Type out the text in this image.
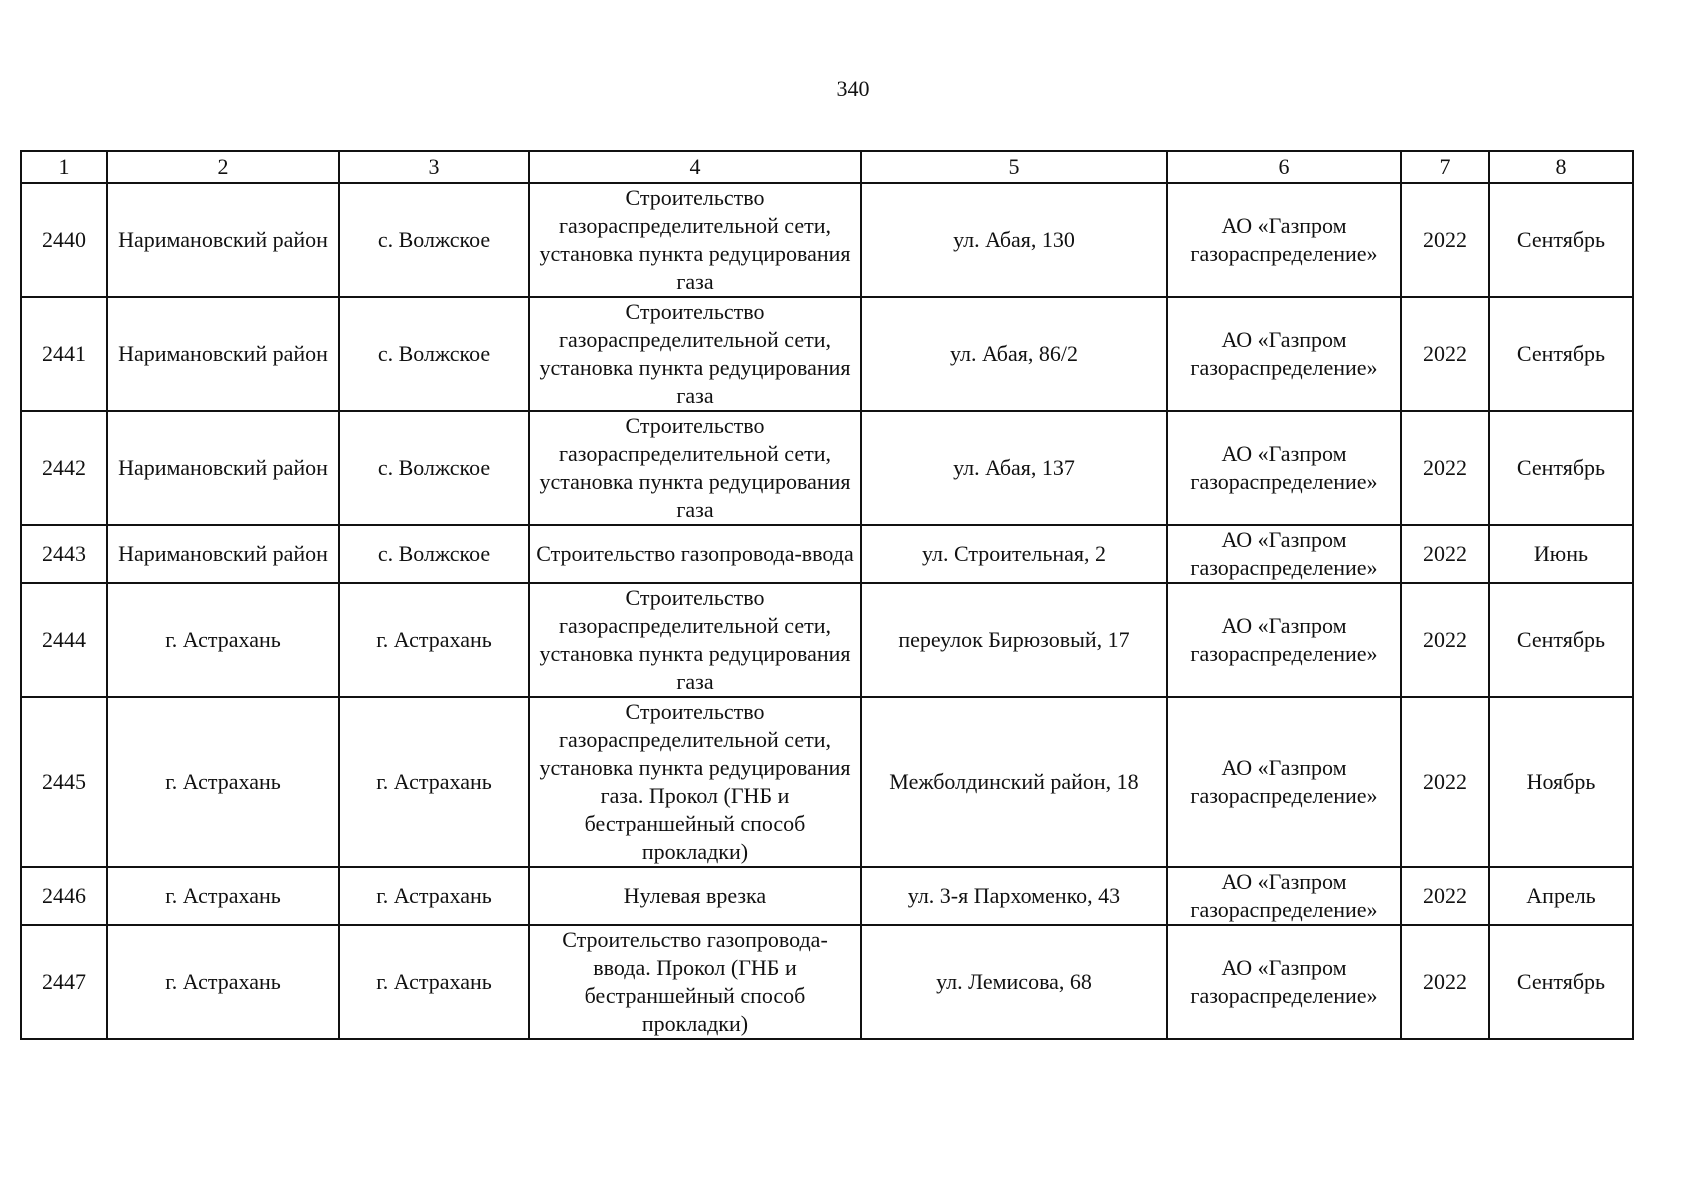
340
1	2	3	4	5	6	7	8
2440	Наримановский район	с. Волжское	Строительство газораспределительной сети, установка пункта редуцирования газа	ул. Абая, 130	АО «Газпром газораспределение»	2022	Сентябрь
2441	Наримановский район	с. Волжское	Строительство газораспределительной сети, установка пункта редуцирования газа	ул. Абая, 86/2	АО «Газпром газораспределение»	2022	Сентябрь
2442	Наримановский район	с. Волжское	Строительство газораспределительной сети, установка пункта редуцирования газа	ул. Абая, 137	АО «Газпром газораспределение»	2022	Сентябрь
2443	Наримановский район	с. Волжское	Строительство газопровода-ввода	ул. Строительная, 2	АО «Газпром газораспределение»	2022	Июнь
2444	г. Астрахань	г. Астрахань	Строительство газораспределительной сети, установка пункта редуцирования газа	переулок Бирюзовый, 17	АО «Газпром газораспределение»	2022	Сентябрь
2445	г. Астрахань	г. Астрахань	Строительство газораспределительной сети, установка пункта редуцирования газа. Прокол (ГНБ и бестраншейный способ прокладки)	Межболдинский район, 18	АО «Газпром газораспределение»	2022	Ноябрь
2446	г. Астрахань	г. Астрахань	Нулевая врезка	ул. 3-я Пархоменко, 43	АО «Газпром газораспределение»	2022	Апрель
2447	г. Астрахань	г. Астрахань	Строительство газопровода-ввода. Прокол (ГНБ и бестраншейный способ прокладки)	ул. Лемисова, 68	АО «Газпром газораспределение»	2022	Сентябрь
